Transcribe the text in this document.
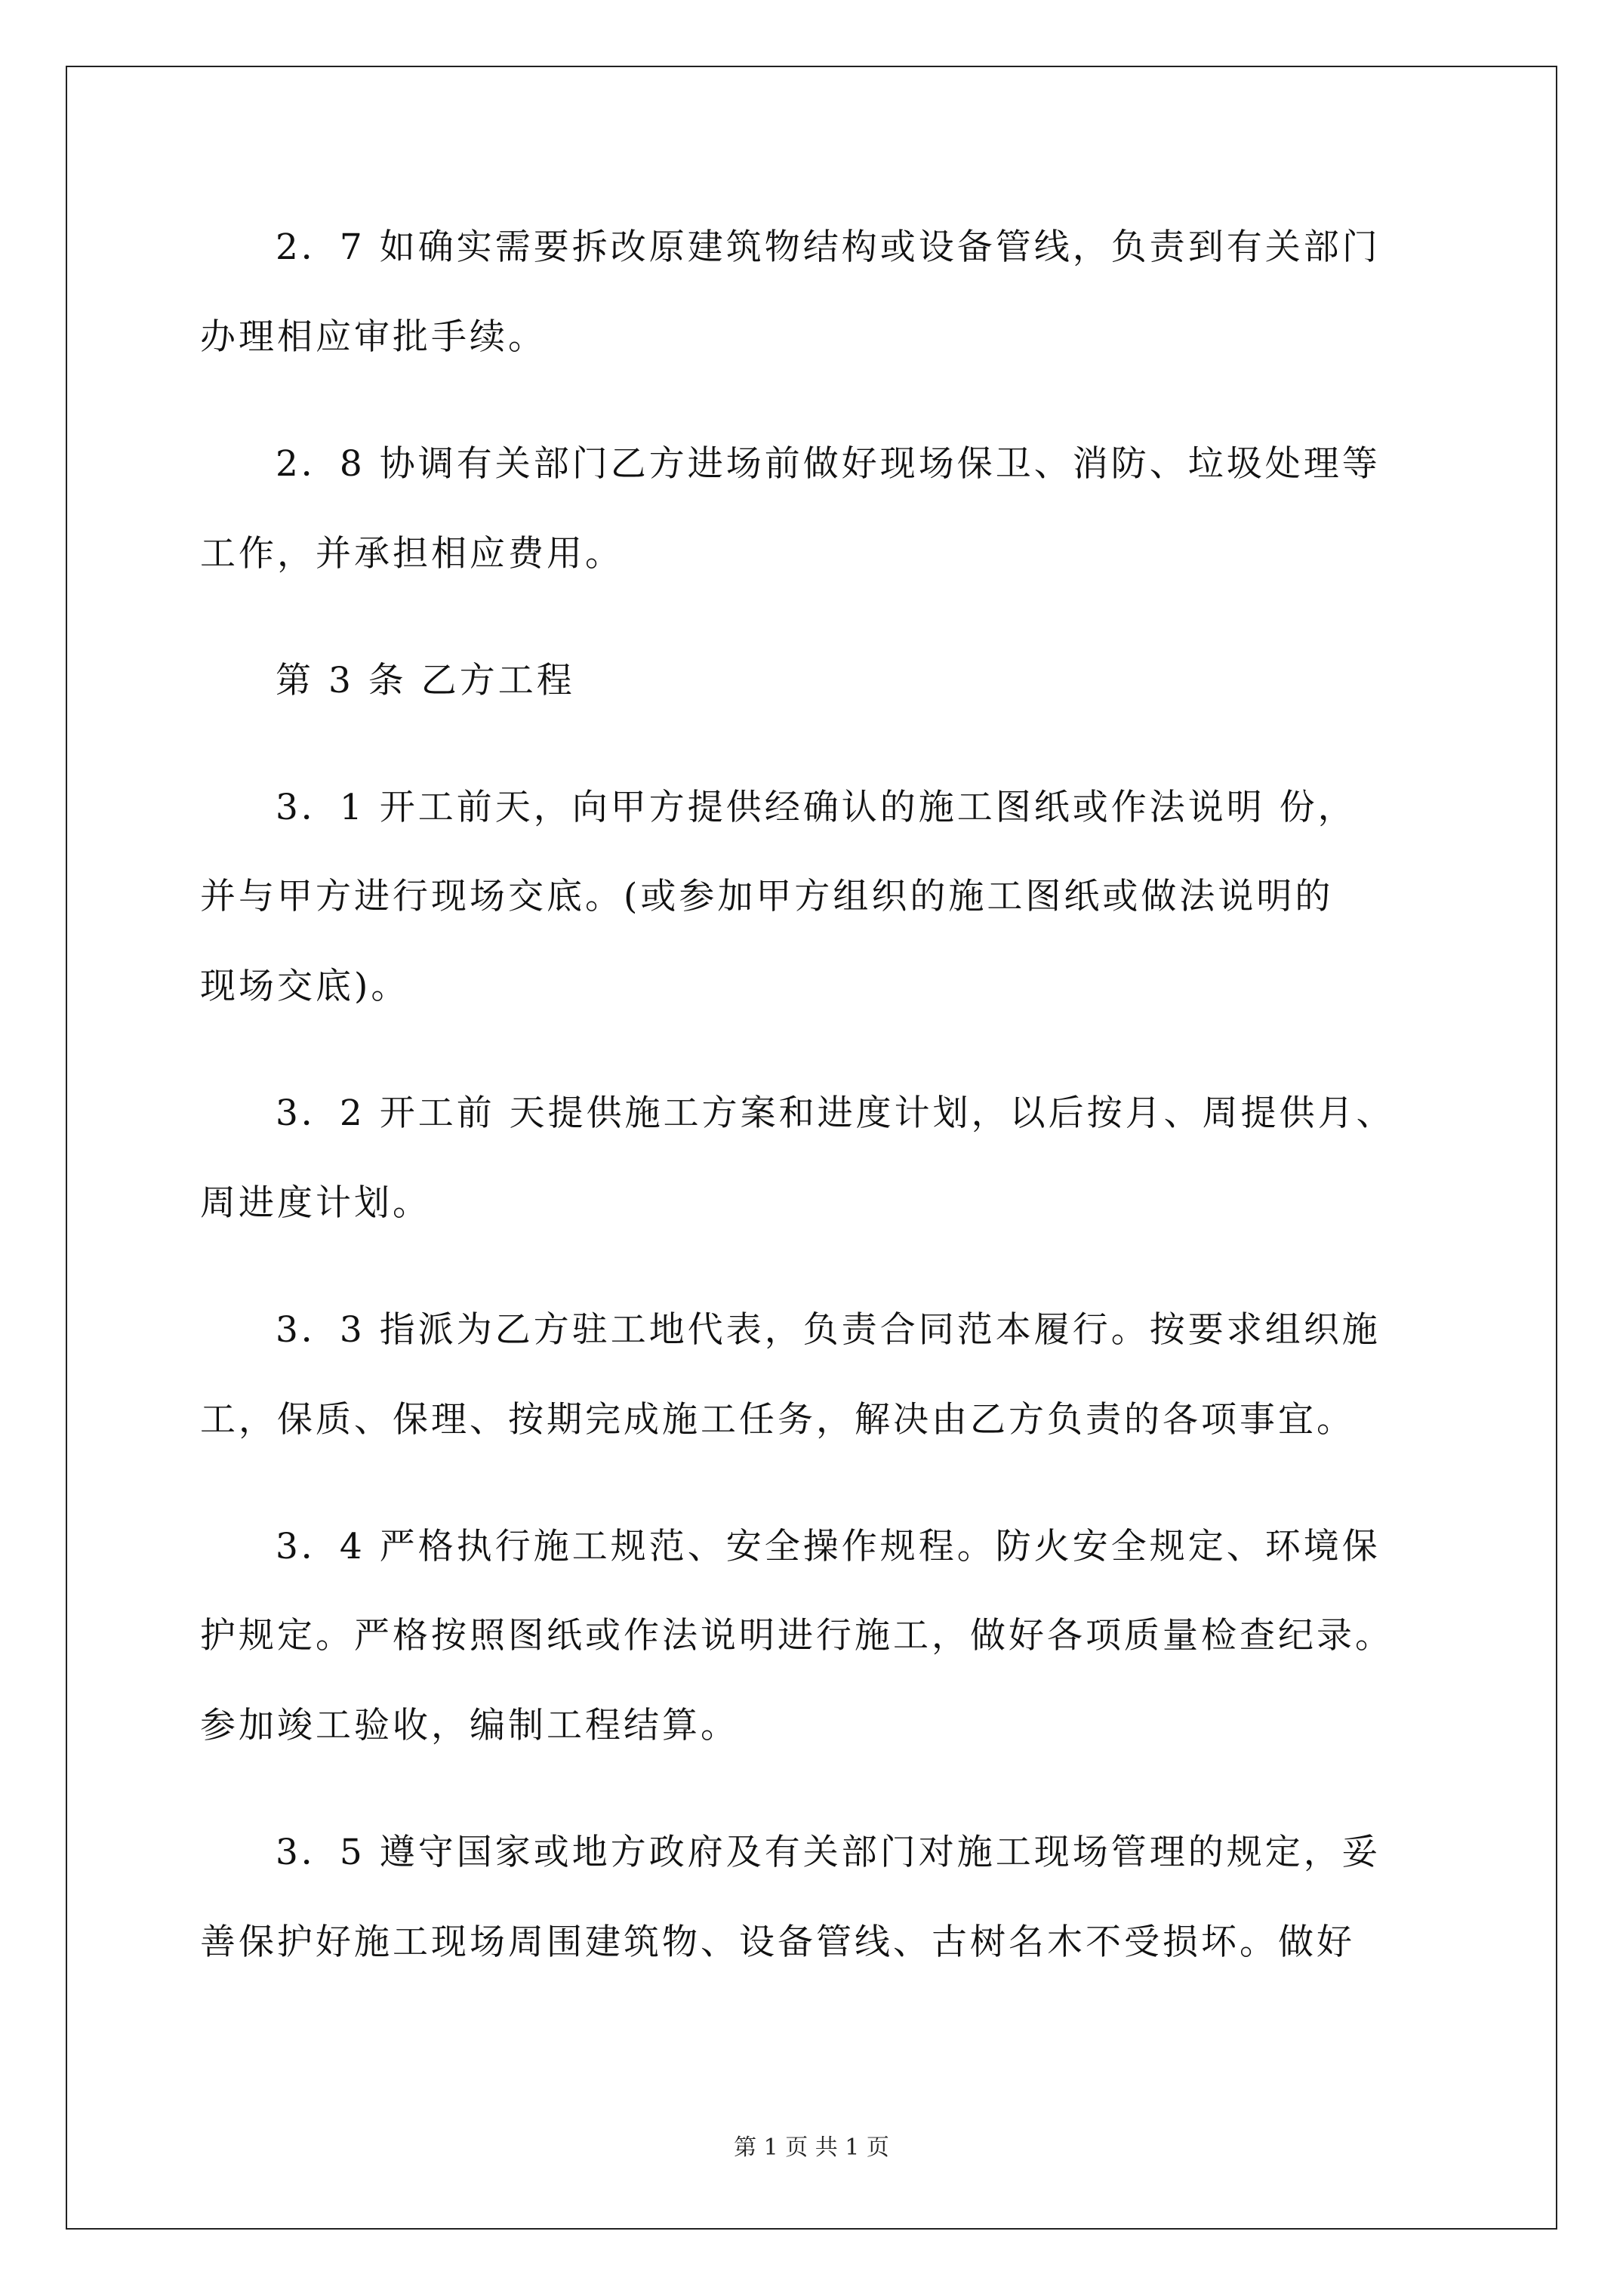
2．7 如确实需要拆改原建筑物结构或设备管线，负责到有关部门
办理相应审批手续。
2．8 协调有关部门乙方进场前做好现场保卫、消防、垃圾处理等
工作，并承担相应费用。
第 3 条 乙方工程
3．1 开工前天，向甲方提供经确认的施工图纸或作法说明 份，
并与甲方进行现场交底。(或参加甲方组织的施工图纸或做法说明的
现场交底)。
3．2 开工前 天提供施工方案和进度计划，以后按月、周提供月、
周进度计划。
3．3 指派为乙方驻工地代表，负责合同范本履行。按要求组织施
工，保质、保理、按期完成施工任务，解决由乙方负责的各项事宜。
3．4 严格执行施工规范、安全操作规程。防火安全规定、环境保
护规定。严格按照图纸或作法说明进行施工，做好各项质量检查纪录。
参加竣工验收，编制工程结算。
3．5 遵守国家或地方政府及有关部门对施工现场管理的规定，妥
善保护好施工现场周围建筑物、设备管线、古树名木不受损坏。做好
第 1 页 共 1 页
